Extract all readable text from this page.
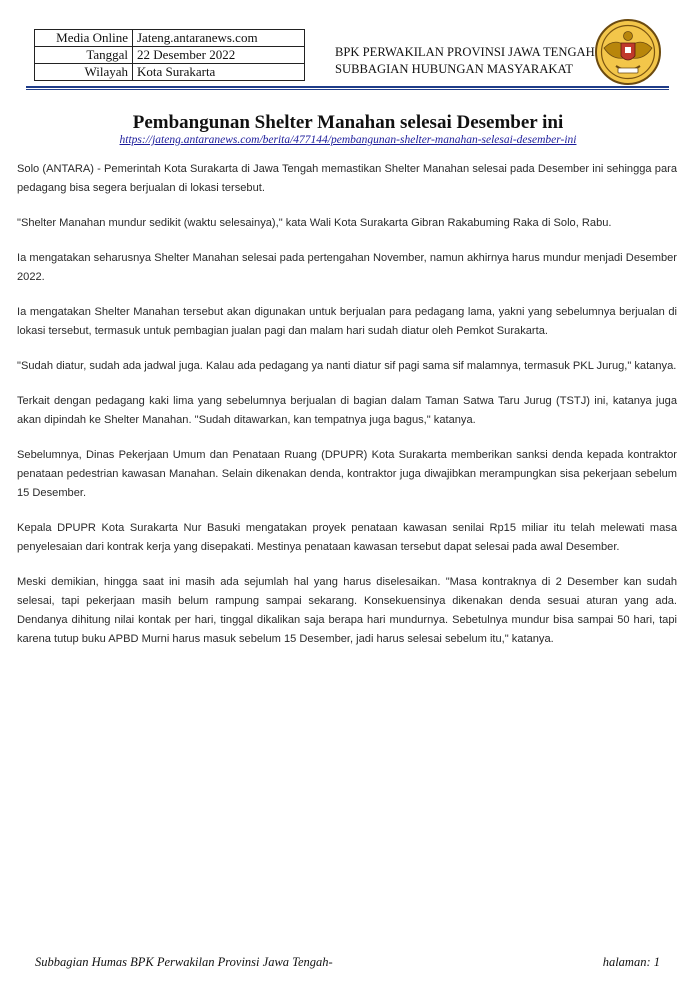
Media Online	Jateng.antaranews.com
Tanggal	22 Desember 2022
Wilayah	Kota Surakarta
BPK PERWAKILAN PROVINSI JAWA TENGAH
SUBBAGIAN HUBUNGAN MASYARAKAT
Pembangunan Shelter Manahan selesai Desember ini
https://jateng.antaranews.com/berita/477144/pembangunan-shelter-manahan-selesai-desember-ini

Solo (ANTARA) - Pemerintah Kota Surakarta di Jawa Tengah memastikan Shelter Manahan selesai pada Desember ini sehingga para pedagang bisa segera berjualan di lokasi tersebut.

"Shelter Manahan mundur sedikit (waktu selesainya)," kata Wali Kota Surakarta Gibran Rakabuming Raka di Solo, Rabu.

Ia mengatakan seharusnya Shelter Manahan selesai pada pertengahan November, namun akhirnya harus mundur menjadi Desember 2022.

Ia mengatakan Shelter Manahan tersebut akan digunakan untuk berjualan para pedagang lama, yakni yang sebelumnya berjualan di lokasi tersebut, termasuk untuk pembagian jualan pagi dan malam hari sudah diatur oleh Pemkot Surakarta.

"Sudah diatur, sudah ada jadwal juga. Kalau ada pedagang ya nanti diatur sif pagi sama sif malamnya, termasuk PKL Jurug," katanya.

Terkait dengan pedagang kaki lima yang sebelumnya berjualan di bagian dalam Taman Satwa Taru Jurug (TSTJ) ini, katanya juga akan dipindah ke Shelter Manahan. "Sudah ditawarkan, kan tempatnya juga bagus," katanya.

Sebelumnya, Dinas Pekerjaan Umum dan Penataan Ruang (DPUPR) Kota Surakarta memberikan sanksi denda kepada kontraktor penataan pedestrian kawasan Manahan. Selain dikenakan denda, kontraktor juga diwajibkan merampungkan sisa pekerjaan sebelum 15 Desember.

Kepala DPUPR Kota Surakarta Nur Basuki mengatakan proyek penataan kawasan senilai Rp15 miliar itu telah melewati masa penyelesaian dari kontrak kerja yang disepakati. Mestinya penataan kawasan tersebut dapat selesai pada awal Desember.

Meski demikian, hingga saat ini masih ada sejumlah hal yang harus diselesaikan. "Masa kontraknya di 2 Desember kan sudah selesai, tapi pekerjaan masih belum rampung sampai sekarang. Konsekuensinya dikenakan denda sesuai aturan yang ada. Dendanya dihitung nilai kontak per hari, tinggal dikalikan saja berapa hari mundurnya. Sebetulnya mundur bisa sampai 50 hari, tapi karena tutup buku APBD Murni harus masuk sebelum 15 Desember, jadi harus selesai sebelum itu," katanya.

Subbagian Humas BPK Perwakilan Provinsi Jawa Tengah-	halaman: 1
